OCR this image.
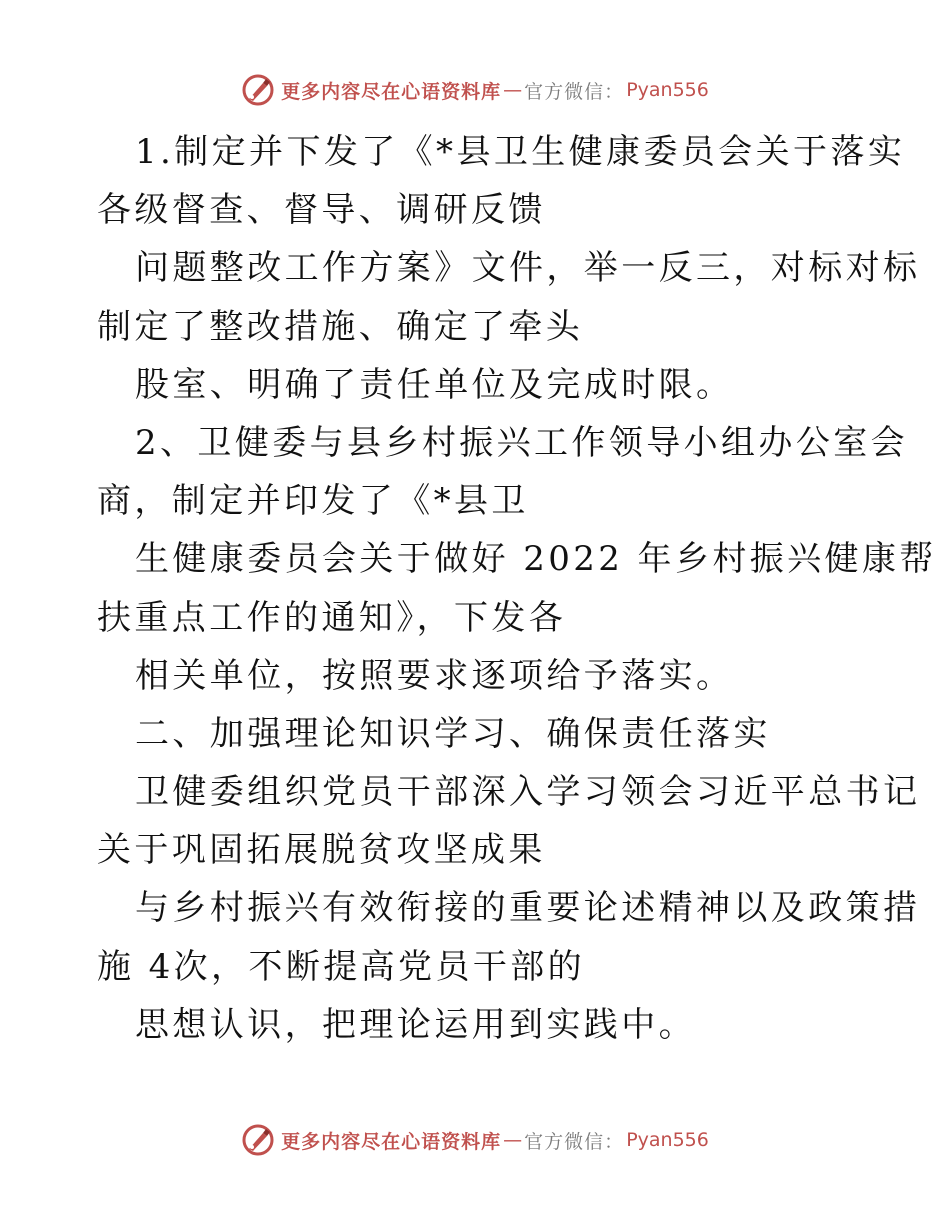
更多内容尽在心语资料库 — 官方微信： Pyan556
1.制定并下发了《*县卫生健康委员会关于落实
各级督查、督导、调研反馈
问题整改工作方案》文件，举一反三，对标对标
制定了整改措施、确定了牵头
股室、明确了责任单位及完成时限。
2、卫健委与县乡村振兴工作领导小组办公室会
商，制定并印发了《*县卫
生健康委员会关于做好 2022 年乡村振兴健康帮
扶重点工作的通知》，下发各
相关单位，按照要求逐项给予落实。
二、加强理论知识学习、确保责任落实
卫健委组织党员干部深入学习领会习近平总书记
关于巩固拓展脱贫攻坚成果
与乡村振兴有效衔接的重要论述精神以及政策措
施 4次，不断提高党员干部的
思想认识，把理论运用到实践中。
更多内容尽在心语资料库 — 官方微信： Pyan556
